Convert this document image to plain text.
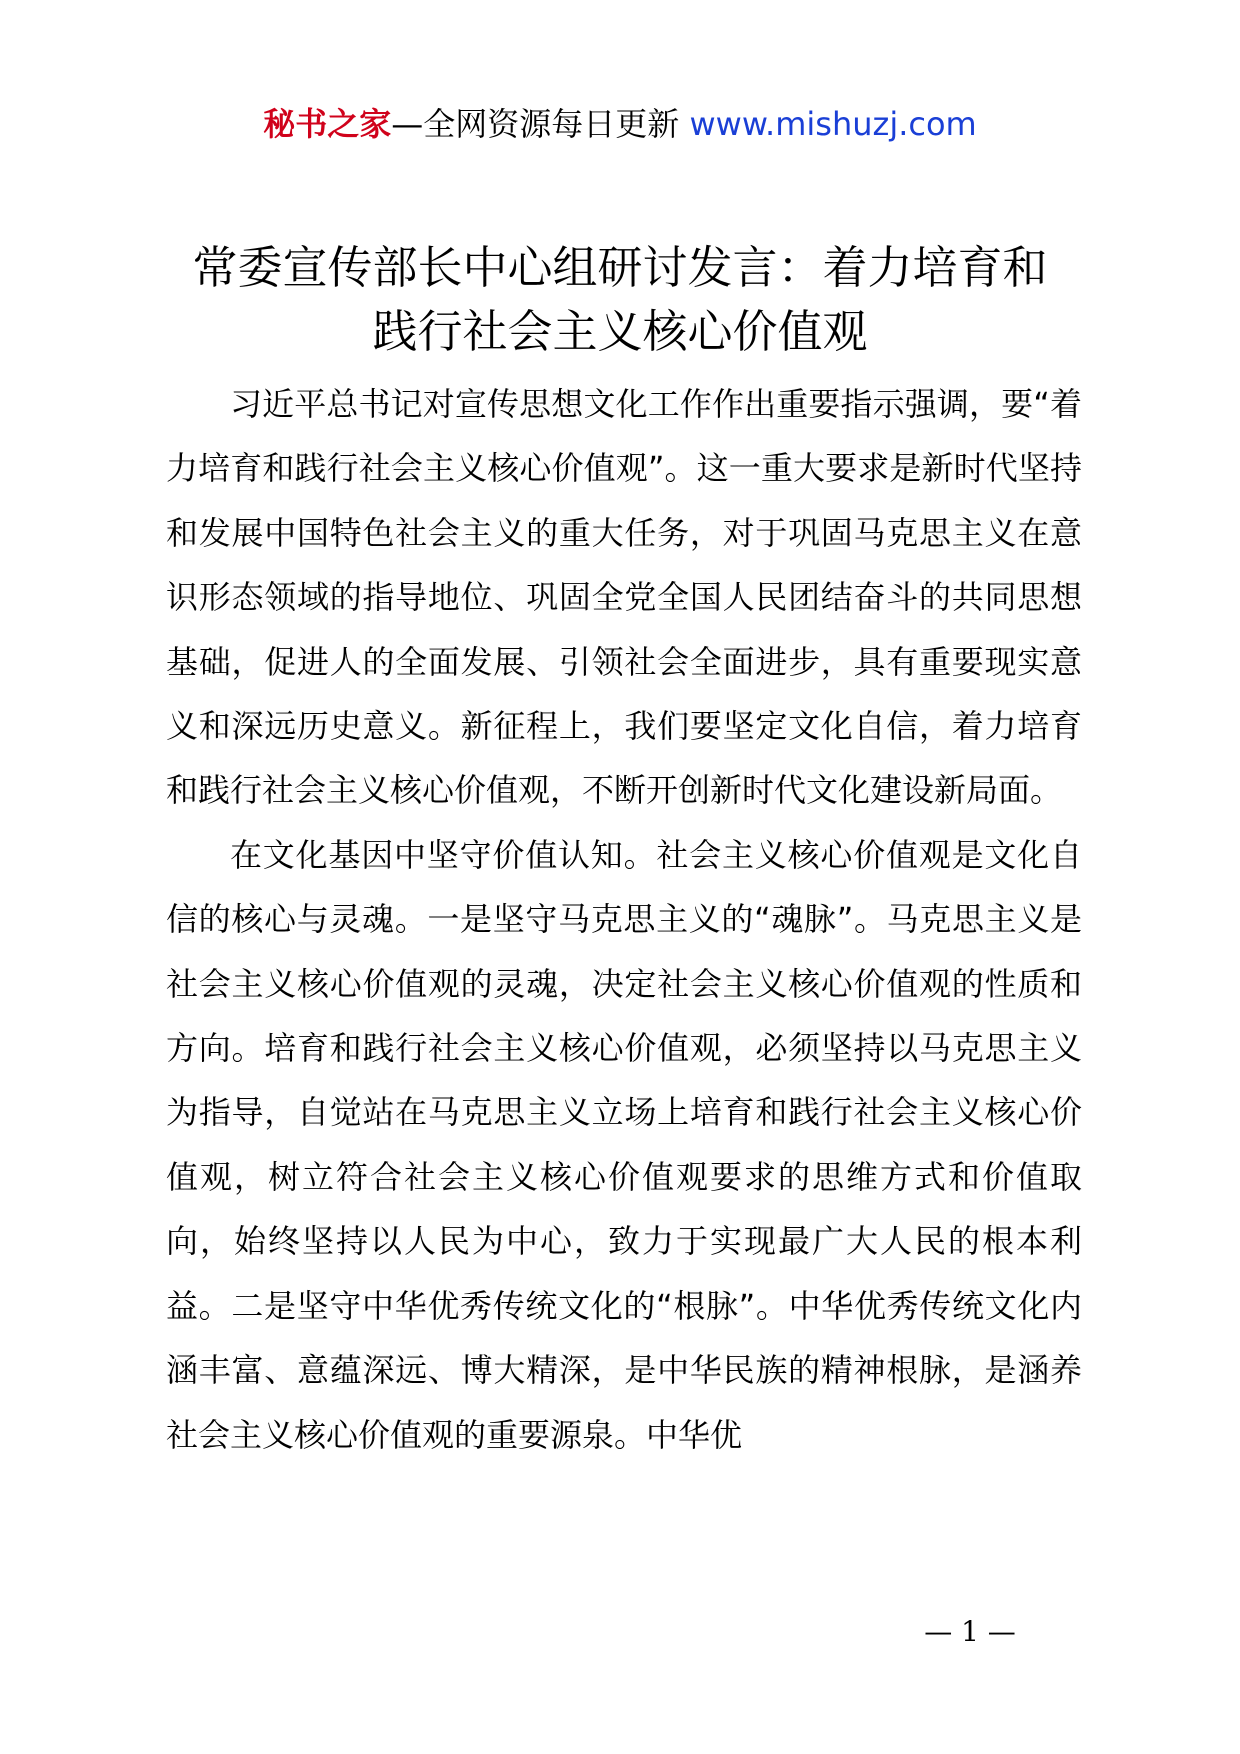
秘书之家—全网资源每日更新 www.mishuzj.com
常委宣传部长中心组研讨发言：着力培育和
践行社会主义核心价值观

习近平总书记对宣传思想文化工作作出重要指示强调，要“着力培育和践行社会主义核心价值观”。这一重大要求是新时代坚持和发展中国特色社会主义的重大任务，对于巩固马克思主义在意识形态领域的指导地位、巩固全党全国人民团结奋斗的共同思想基础，促进人的全面发展、引领社会全面进步，具有重要现实意义和深远历史意义。新征程上，我们要坚定文化自信，着力培育和践行社会主义核心价值观，不断开创新时代文化建设新局面。

在文化基因中坚守价值认知。社会主义核心价值观是文化自信的核心与灵魂。一是坚守马克思主义的“魂脉”。马克思主义是社会主义核心价值观的灵魂，决定社会主义核心价值观的性质和方向。培育和践行社会主义核心价值观，必须坚持以马克思主义为指导，自觉站在马克思主义立场上培育和践行社会主义核心价值观，树立符合社会主义核心价值观要求的思维方式和价值取向，始终坚持以人民为中心，致力于实现最广大人民的根本利益。二是坚守中华优秀传统文化的“根脉”。中华优秀传统文化内涵丰富、意蕴深远、博大精深，是中华民族的精神根脉，是涵养社会主义核心价值观的重要源泉。中华优

— 1 —
